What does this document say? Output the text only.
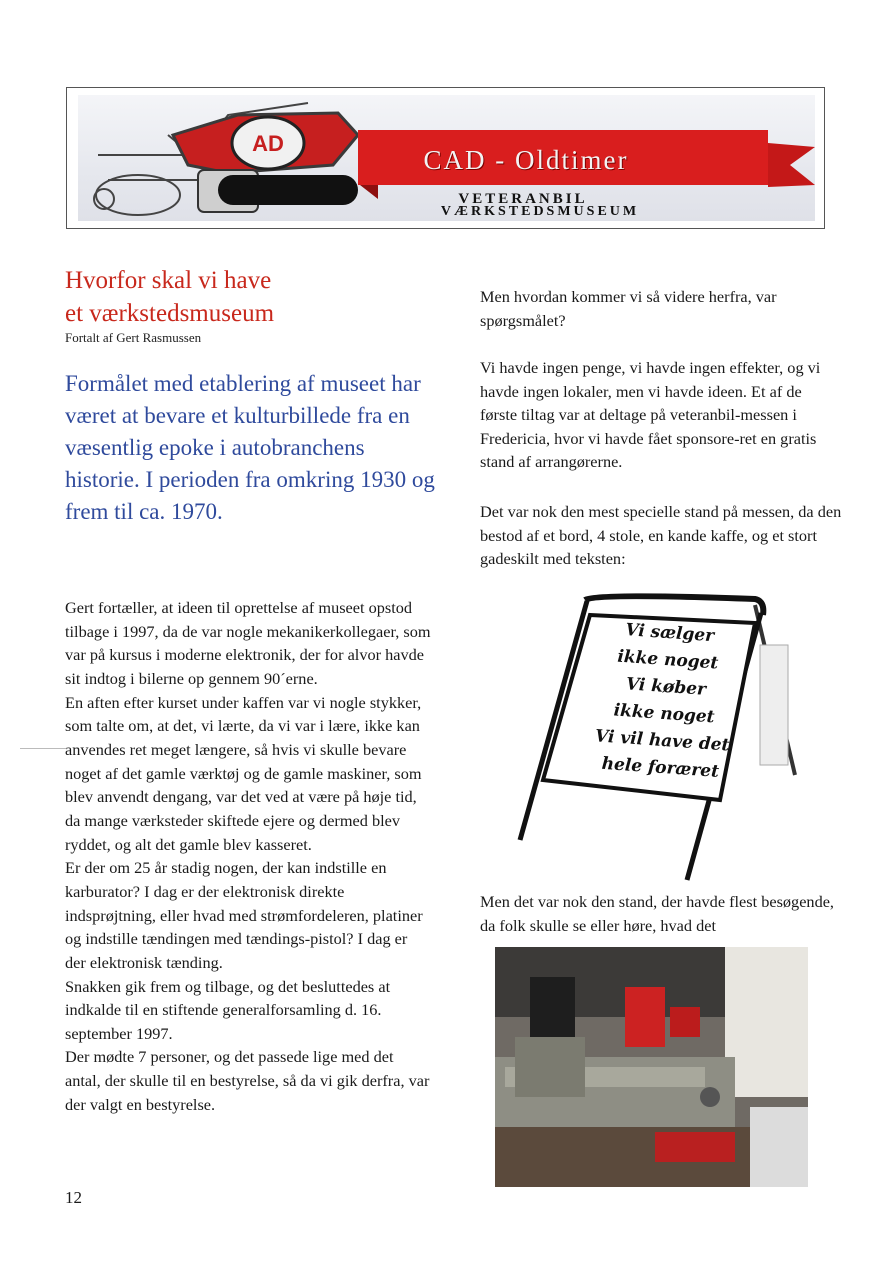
AD
CAD - Oldtimer
VETERANBIL
VÆRKSTEDSMUSEUM
Hvorfor skal vi have
et værkstedsmuseum
Fortalt af Gert Rasmussen
Formålet med etablering af museet har været at bevare et kulturbillede fra en væsentlig epoke i autobranchens historie. I perioden fra omkring 1930 og frem til ca. 1970.

Gert fortæller, at ideen til oprettelse af museet opstod tilbage i 1997, da de var nogle mekanikerkollegaer, som var på kursus i moderne elektronik, der for alvor havde sit indtog i bilerne op gennem 90´erne.

En aften efter kurset under kaffen var vi nogle stykker, som talte om, at det, vi lærte, da vi var i lære, ikke kan anvendes ret meget længere, så hvis vi skulle bevare noget af det gamle værktøj og de gamle maskiner, som blev anvendt dengang, var det ved at være på høje tid, da mange værksteder skiftede ejere og dermed blev ryddet, og alt det gamle blev kasseret.

Er der om 25 år stadig nogen, der kan indstille en karburator? I dag er der elektronisk direkte indsprøjtning, eller hvad med strømfordeleren, platiner og indstille tændingen med tændings-pistol? I dag er der elektronisk tænding.

Snakken gik frem og tilbage, og det besluttedes at indkalde til en stiftende generalforsamling d. 16. september 1997.

Der mødte 7 personer, og det passede lige med det antal, der skulle til en bestyrelse, så da vi gik derfra, var der valgt en bestyrelse.

12

Men hvordan kommer vi så videre herfra, var spørgsmålet?

Vi havde ingen penge, vi havde ingen effekter, og vi havde ingen lokaler, men vi havde ideen. Et af de første tiltag var at deltage på veteranbil-messen i Fredericia, hvor vi havde fået sponsore-ret en gratis stand af arrangørerne.

Det var nok den mest specielle stand på messen, da den bestod af et bord, 4 stole, en kande kaffe, og et stort gadeskilt med teksten:

Vi sælger
ikke noget
Vi køber
ikke noget
Vi vil have det
hele foræret

Men det var nok den stand, der havde flest besøgende, da folk skulle se eller høre, hvad det
